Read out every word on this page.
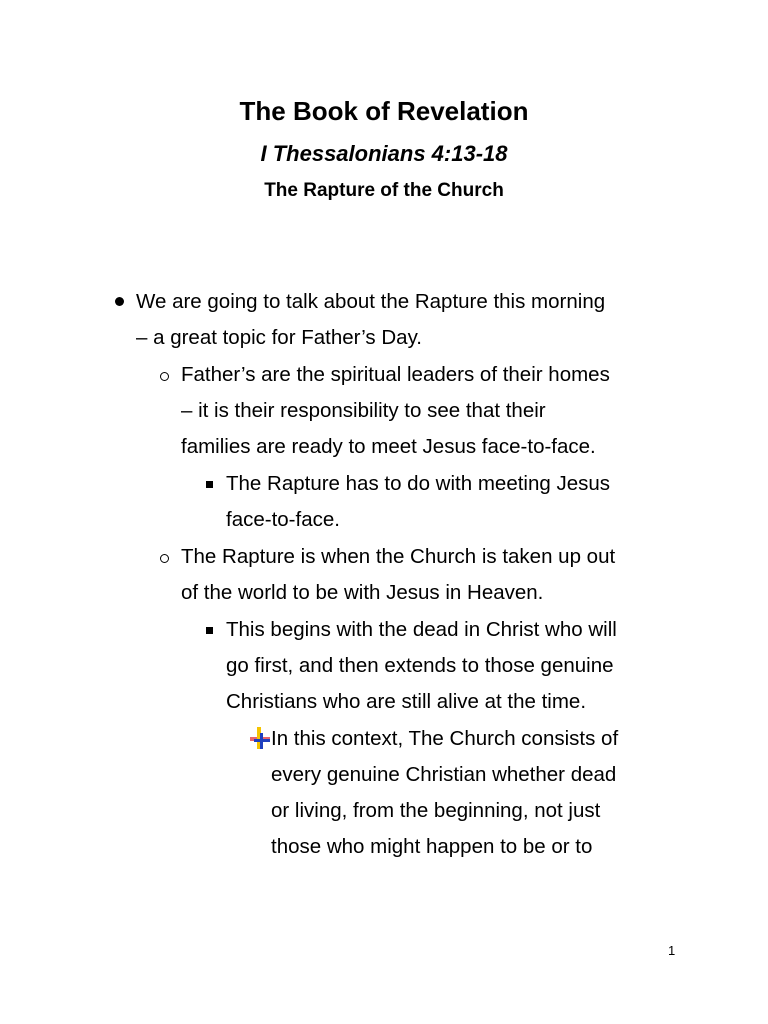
The Book of Revelation
I Thessalonians 4:13-18
The Rapture of the Church
We are going to talk about the Rapture this morning
– a great topic for Father’s Day.
Father’s are the spiritual leaders of their homes
– it is their responsibility to see that their
families are ready to meet Jesus face-to-face.
The Rapture has to do with meeting Jesus
face-to-face.
The Rapture is when the Church is taken up out
of the world to be with Jesus in Heaven.
This begins with the dead in Christ who will
go first, and then extends to those genuine
Christians who are still alive at the time.
In this context, The Church consists of
every genuine Christian whether dead
or living, from the beginning, not just
those who might happen to be or to
1
